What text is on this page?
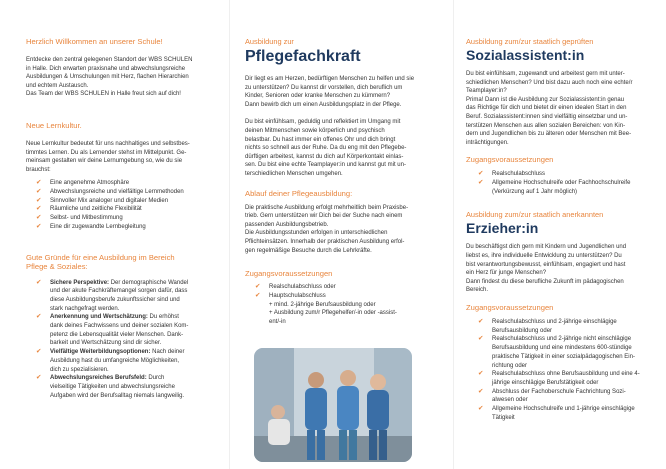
Herzlich Willkommen an unserer Schule!

Entdecke den zentral gelegenen Standort der WBS SCHULEN

in Halle. Dich erwarten praxisnahe und abwechslungsreiche

Ausbildungen & Umschulungen mit Herz, flachen Hierarchien

und echtem Austausch.

Das Team der WBS SCHULEN in Halle freut sich auf dich!

Neue Lernkultur.

Neue Lernkultur bedeutet für uns nachhaltiges und selbstbes-

timmtes Lernen. Du als Lernender stehst im Mittelpunkt. Ge-

meinsam gestalten wir deine Lernumgebung so, wie du sie

brauchst:

✔ Eine angenehme Atmosphäre
✔ Abwechslungsreiche und vielfältige Lernmethoden
✔ Sinnvoller Mix analoger und digitaler Medien
✔ Räumliche und zeitliche Flexibilität
✔ Selbst- und Mitbestimmung
✔ Eine dir zugewandte Lernbegleitung
Gute Gründe für eine Ausbildung im Bereich
Pflege & Soziales:
✔ Sichere Perspektive: Der demographische Wandel
und der akute Fachkräftemangel sorgen dafür, dass
diese Ausbildungsberufe zukunftssicher sind und
stark nachgefragt werden.
✔ Anerkennung und Wertschätzung: Du erhöhst
dank deines Fachwissens und deiner sozialen Kom-
petenz die Lebensqualität vieler Menschen. Dank-
barkeit und Wertschätzung sind dir sicher.
✔ Vielfältige Weiterbildungsoptionen: Nach deiner
Ausbildung hast du umfangreiche Möglichkeiten,
dich zu spezialisieren.
✔ Abwechslungsreiches Berufsfeld: Durch
vielseitige Tätigkeiten und abwechslungsreiche
Aufgaben wird der Berufsalltag niemals langweilig.

Ausbildung zur

Pflegefachkraft

Dir liegt es am Herzen, bedürftigen Menschen zu helfen und sie

zu unterstützen? Du kannst dir vorstellen, dich beruflich um

Kinder, Senioren oder kranke Menschen zu kümmern?

Dann bewirb dich um einen Ausbildungsplatz in der Pflege.

Du bist einfühlsam, geduldig und reflektiert im Umgang mit

deinen Mitmenschen sowie körperlich und psychisch

belastbar. Du hast immer ein offenes Ohr und dich bringt

nichts so schnell aus der Ruhe. Da du eng mit den Pflegebe-

dürftigen arbeitest, kannst du dich auf Körperkontakt einlas-

sen. Du bist eine echte Teamplayer:in und kannst gut mit un-

terschiedlichen Menschen umgehen.

Ablauf deiner Pflegeausbildung:

Die praktische Ausbildung erfolgt mehrheitlich beim Praxisbe-

trieb. Gern unterstützen wir Dich bei der Suche nach einem

passenden Ausbildungsbetrieb.

Die Ausbildungsstunden erfolgen in unterschiedlichen

Pflichteinsätzen. Innerhalb der praktischen Ausbildung erfol-

gen regelmäßige Besuche durch die Lehrkräfte.

Zugangsvoraussetzungen
✔ Realschulabschluss oder
✔ Hauptschulabschluss
+ mind. 2-jährige Berufsausbildung oder
+ Ausbildung zum/r Pflegehelfer/-in oder -assist-
ent/-in

Ausbildung zum/zur staatlich geprüften

Sozialassistent:in

Du bist einfühlsam, zugewandt und arbeitest gern mit unter-

schiedlichen Menschen? Und bist dazu auch noch eine echte/r

Teamplayer:in?

Prima! Dann ist die Ausbildung zur Sozialassistent:in genau

das Richtige für dich und bietet dir einen idealen Start in den

Beruf. Sozialassistent:innen sind vielfältig einsetzbar und un-

terstützen Menschen aus allen sozialen Bereichen: von Kin-

dern und Jugendlichen bis zu älteren oder Menschen mit Bee-

inträchtigungen.

Zugangsvoraussetzungen
✔ Realschulabschluss
✔ Allgemeine Hochschulreife oder Fachhochschulreife
(Verkürzung auf 1 Jahr möglich)

Ausbildung zum/zur staatlich anerkannten

Erzieher:in

Du beschäftigst dich gern mit Kindern und Jugendlichen und

liebst es, ihre individuelle Entwicklung zu unterstützen? Du

bist verantwortungsbewusst, einfühlsam, engagiert und hast

ein Herz für junge Menschen?

Dann findest du diese berufliche Zukunft im pädagogischen

Bereich.

Zugangsvoraussetzungen
✔ Realschulabschluss und 2-jährige einschlägige
Berufsausbildung oder
✔ Realschulabschluss und 2-jährige nicht einschlägige
Berufsausbildung und eine mindestens 600-stündige
praktische Tätigkeit in einer sozialpädagogischen Ein-
richtung oder
✔ Realschulabschluss ohne Berufsausbildung und eine 4-
jährige einschlägige Berufstätigkeit oder
✔ Abschluss der Fachoberschule Fachrichtung Sozi-
alwesen oder
✔ Allgemeine Hochschulreife und 1-jährige einschlägige
Tätigkeit
